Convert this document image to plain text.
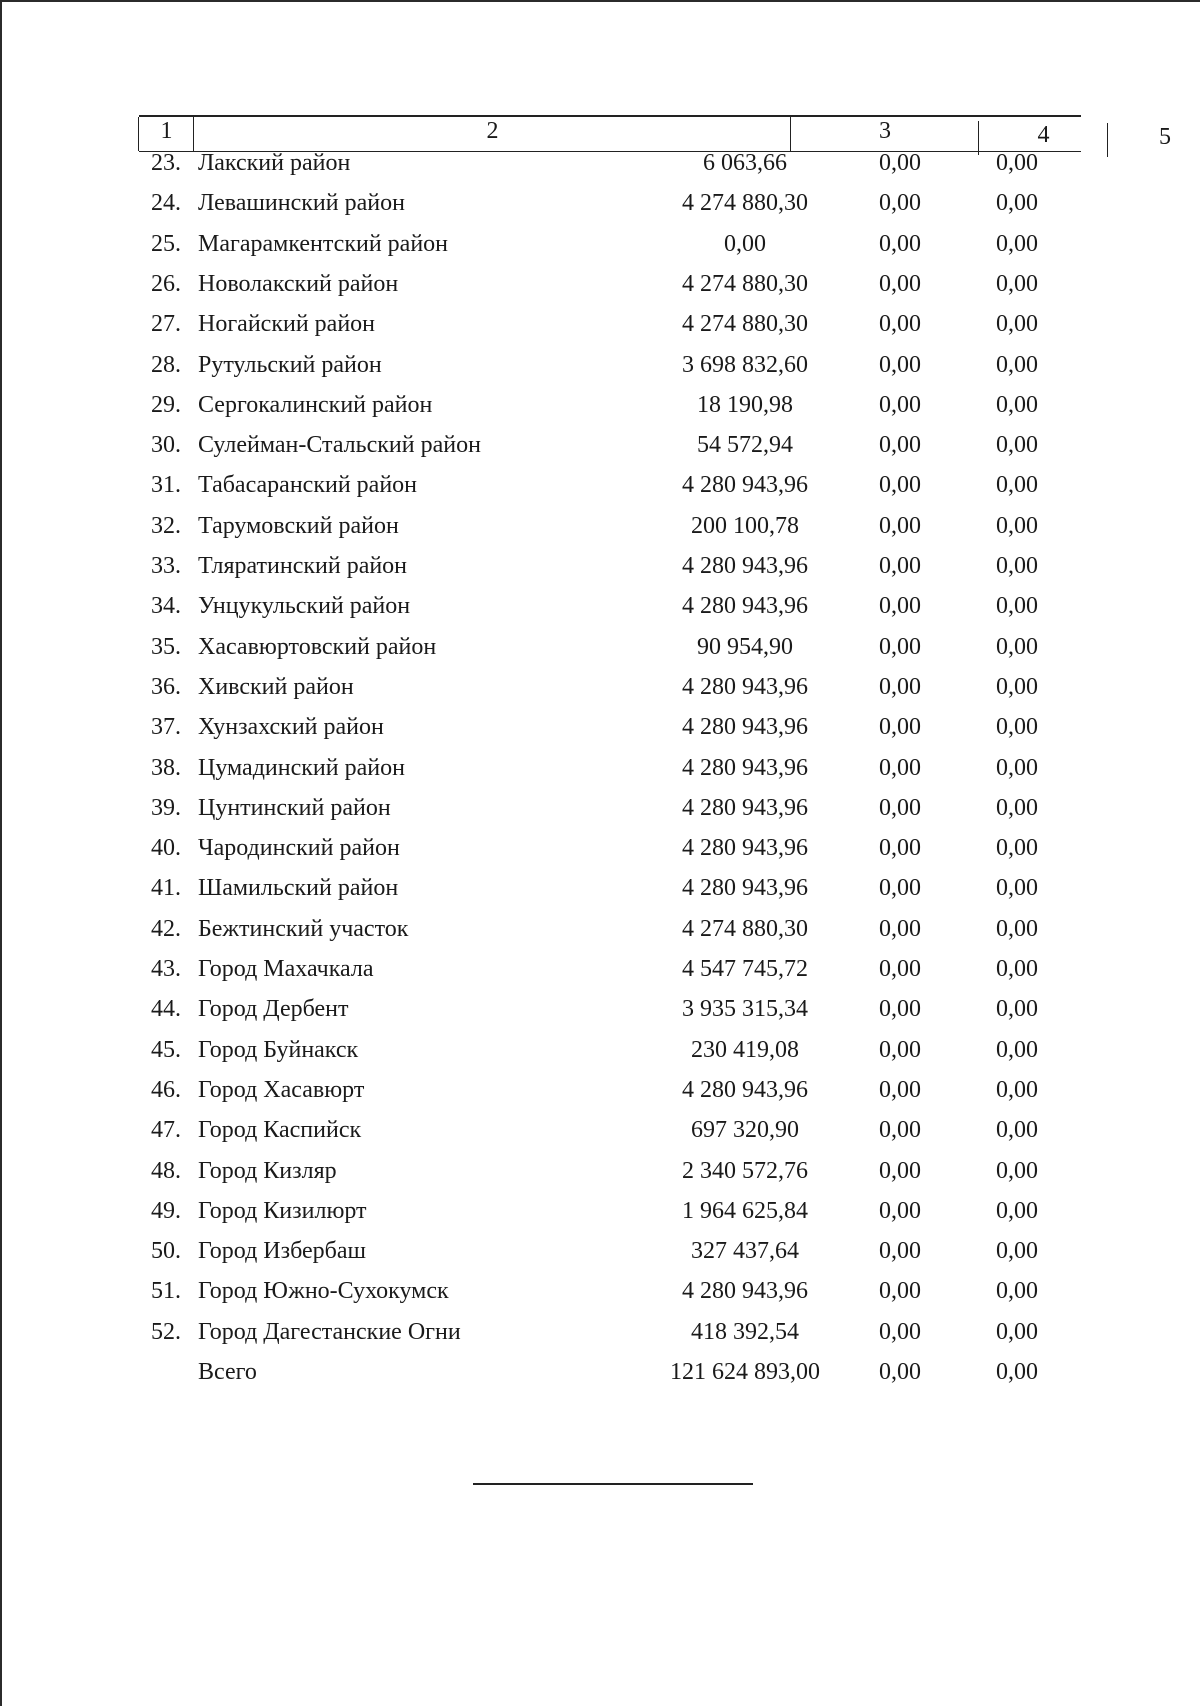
1	2	3	4	5
23. Лакский район	6 063,66	0,00	0,00
24. Левашинский район	4 274 880,30	0,00	0,00
25. Магарамкентский район	0,00	0,00	0,00
26. Новолакский район	4 274 880,30	0,00	0,00
27. Ногайский район	4 274 880,30	0,00	0,00
28. Рутульский район	3 698 832,60	0,00	0,00
29. Сергокалинский район	18 190,98	0,00	0,00
30. Сулейман-Стальский район	54 572,94	0,00	0,00
31. Табасаранский район	4 280 943,96	0,00	0,00
32. Тарумовский район	200 100,78	0,00	0,00
33. Тляратинский район	4 280 943,96	0,00	0,00
34. Унцукульский район	4 280 943,96	0,00	0,00
35. Хасавюртовский район	90 954,90	0,00	0,00
36. Хивский район	4 280 943,96	0,00	0,00
37. Хунзахский район	4 280 943,96	0,00	0,00
38. Цумадинский район	4 280 943,96	0,00	0,00
39. Цунтинский район	4 280 943,96	0,00	0,00
40. Чародинский район	4 280 943,96	0,00	0,00
41. Шамильский район	4 280 943,96	0,00	0,00
42. Бежтинский участок	4 274 880,30	0,00	0,00
43. Город Махачкала	4 547 745,72	0,00	0,00
44. Город Дербент	3 935 315,34	0,00	0,00
45. Город Буйнакск	230 419,08	0,00	0,00
46. Город Хасавюрт	4 280 943,96	0,00	0,00
47. Город Каспийск	697 320,90	0,00	0,00
48. Город Кизляр	2 340 572,76	0,00	0,00
49. Город Кизилюрт	1 964 625,84	0,00	0,00
50. Город Избербаш	327 437,64	0,00	0,00
51. Город Южно-Сухокумск	4 280 943,96	0,00	0,00
52. Город Дагестанские Огни	418 392,54	0,00	0,00
Всего	121 624 893,00	0,00	0,00
